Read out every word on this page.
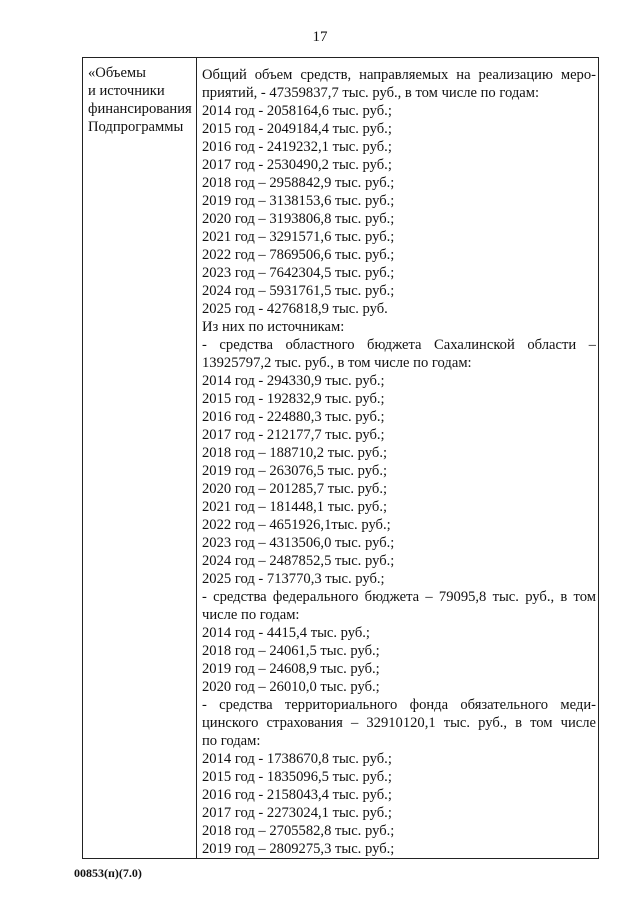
17
«Объемы
и источники
финансирования
Подпрограммы
Общий объем средств, направляемых на реализацию меро-
приятий, - 47359837,7 тыс. руб., в том числе по годам:
2014 год - 2058164,6 тыс. руб.;
2015 год - 2049184,4 тыс. руб.;
2016 год - 2419232,1 тыс. руб.;
2017 год - 2530490,2 тыс. руб.;
2018 год – 2958842,9 тыс. руб.;
2019 год – 3138153,6 тыс. руб.;
2020 год – 3193806,8 тыс. руб.;
2021 год – 3291571,6 тыс. руб.;
2022 год – 7869506,6 тыс. руб.;
2023 год – 7642304,5 тыс. руб.;
2024 год – 5931761,5 тыс. руб.;
2025 год - 4276818,9 тыс. руб.
Из них по источникам:
- средства областного бюджета Сахалинской области –
13925797,2 тыс. руб., в том числе по годам:
2014 год - 294330,9 тыс. руб.;
2015 год - 192832,9 тыс. руб.;
2016 год - 224880,3 тыс. руб.;
2017 год - 212177,7 тыс. руб.;
2018 год – 188710,2 тыс. руб.;
2019 год – 263076,5 тыс. руб.;
2020 год – 201285,7 тыс. руб.;
2021 год – 181448,1 тыс. руб.;
2022 год – 4651926,1тыс. руб.;
2023 год – 4313506,0 тыс. руб.;
2024 год – 2487852,5 тыс. руб.;
2025 год - 713770,3 тыс. руб.;
- средства федерального бюджета – 79095,8 тыс. руб., в том
числе по годам:
2014 год - 4415,4 тыс. руб.;
2018 год – 24061,5 тыс. руб.;
2019 год – 24608,9 тыс. руб.;
2020 год – 26010,0 тыс. руб.;
- средства территориального фонда обязательного меди-
цинского страхования – 32910120,1 тыс. руб., в том числе
по годам:
2014 год - 1738670,8 тыс. руб.;
2015 год - 1835096,5 тыс. руб.;
2016 год - 2158043,4 тыс. руб.;
2017 год - 2273024,1 тыс. руб.;
2018 год – 2705582,8 тыс. руб.;
2019 год – 2809275,3 тыс. руб.;
00853(п)(7.0)
